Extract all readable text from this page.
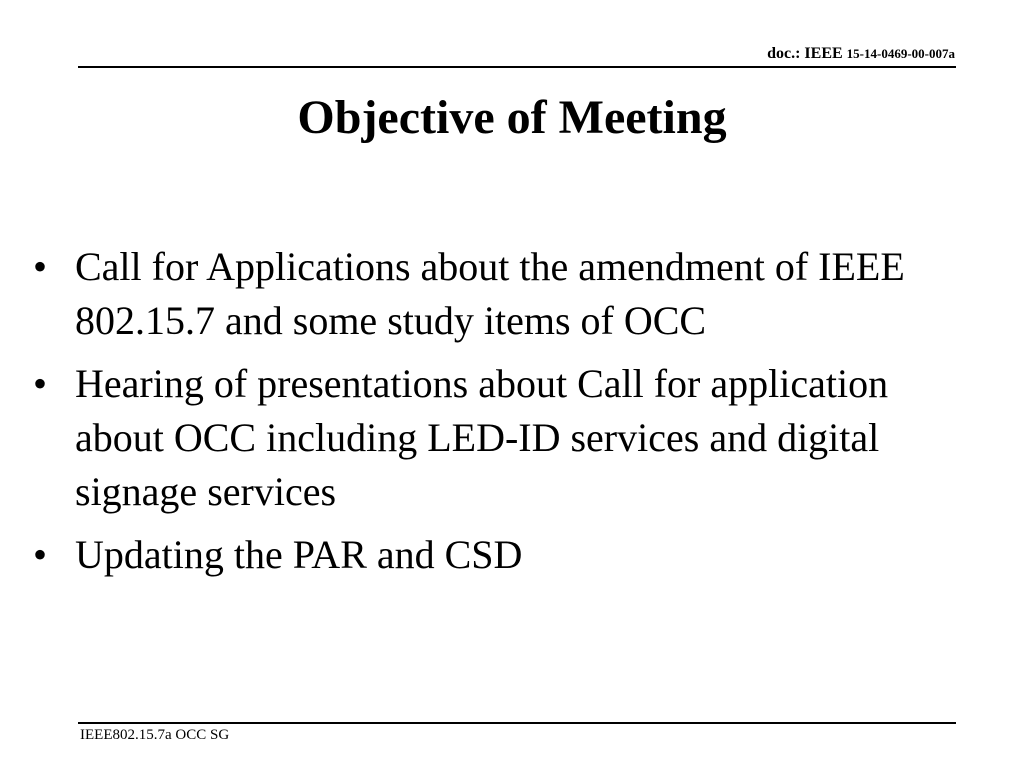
doc.: IEEE 15-14-0469-00-007a
Objective of Meeting
• Call for Applications about the amendment of IEEE 802.15.7 and some study items of OCC
• Hearing of presentations about Call for application about OCC including LED-ID services and digital signage services
• Updating the PAR and CSD
IEEE802.15.7a OCC SG
